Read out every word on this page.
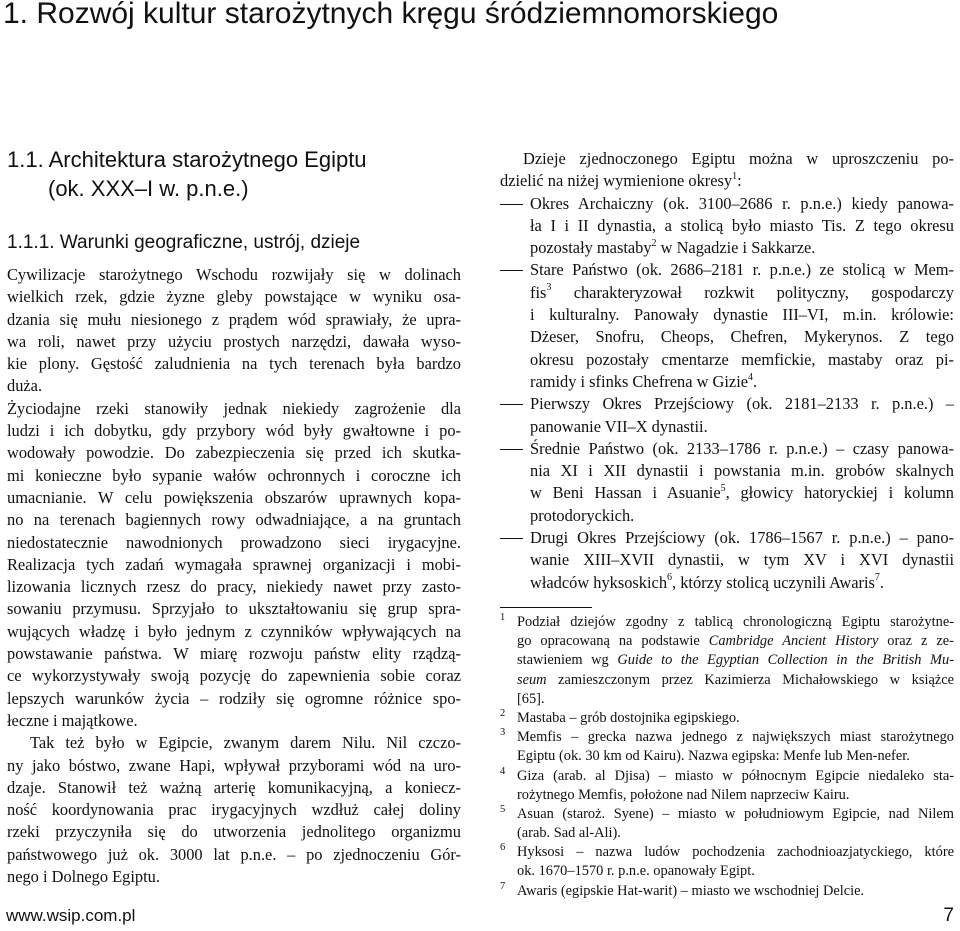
1. Rozwój kultur starożytnych kręgu śródziemnomorskiego
1.1. Architektura starożytnego Egiptu
(ok. XXX–I w. p.n.e.)
1.1.1. Warunki geograficzne, ustrój, dzieje
Cywilizacje starożytnego Wschodu rozwijały się w dolinach
wielkich rzek, gdzie żyzne gleby powstające w wyniku osa-
dzania się mułu niesionego z prądem wód sprawiały, że upra-
wa roli, nawet przy użyciu prostych narzędzi, dawała wyso-
kie plony. Gęstość zaludnienia na tych terenach była bardzo
duża.
Życiodajne rzeki stanowiły jednak niekiedy zagrożenie dla
ludzi i ich dobytku, gdy przybory wód były gwałtowne i po-
wodowały powodzie. Do zabezpieczenia się przed ich skutka-
mi konieczne było sypanie wałów ochronnych i coroczne ich
umacnianie. W celu powiększenia obszarów uprawnych kopa-
no na terenach bagiennych rowy odwadniające, a na gruntach
niedostatecznie nawodnionych prowadzono sieci irygacyjne.
Realizacja tych zadań wymagała sprawnej organizacji i mobi-
lizowania licznych rzesz do pracy, niekiedy nawet przy zasto-
sowaniu przymusu. Sprzyjało to ukształtowaniu się grup spra-
wujących władzę i było jednym z czynników wpływających na
powstawanie państwa. W miarę rozwoju państw elity rządzą-
ce wykorzystywały swoją pozycję do zapewnienia sobie coraz
lepszych warunków życia – rodziły się ogromne różnice spo-
łeczne i majątkowe.
Tak też było w Egipcie, zwanym darem Nilu. Nil czczo-
ny jako bóstwo, zwane Hapi, wpływał przyborami wód na uro-
dzaje. Stanowił też ważną arterię komunikacyjną, a koniecz-
ność koordynowania prac irygacyjnych wzdłuż całej doliny
rzeki przyczyniła się do utworzenia jednolitego organizmu
państwowego już ok. 3000 lat p.n.e. – po zjednoczeniu Gór-
nego i Dolnego Egiptu.
Dzieje zjednoczonego Egiptu można w uproszczeniu po-
dzielić na niżej wymienione okresy$^1$:
Okres Archaiczny (ok. 3100–2686 r. p.n.e.) kiedy panowa-
ła I i II dynastia, a stolicą było miasto Tis. Z tego okresu
pozostały mastaby$^2$ w Nagadzie i Sakkarze.
Stare Państwo (ok. 2686–2181 r. p.n.e.) ze stolicą w Mem-
fis$^3$ charakteryzował rozkwit polityczny, gospodarczy
i kulturalny. Panowały dynastie III–VI, m.in. królowie:
Dżeser, Snofru, Cheops, Chefren, Mykerynos. Z tego
okresu pozostały cmentarze memfickie, mastaby oraz pi-
ramidy i sfinks Chefrena w Gizie$^4$.
Pierwszy Okres Przejściowy (ok. 2181–2133 r. p.n.e.) –
panowanie VII–X dynastii.
Średnie Państwo (ok. 2133–1786 r. p.n.e.) – czasy panowa-
nia XI i XII dynastii i powstania m.in. grobów skalnych
w Beni Hassan i Asuanie$^5$, głowicy hatoryckiej i kolumn
protodoryckich.
Drugi Okres Przejściowy (ok. 1786–1567 r. p.n.e.) – pano-
wanie XIII–XVII dynastii, w tym XV i XVI dynastii
władców hyksoskich$^6$, którzy stolicą uczynili Awaris$^7$.
1 Podział dziejów zgodny z tablicą chronologiczną Egiptu starożytne-
go opracowaną na podstawie Cambridge Ancient History oraz z ze-
stawieniem wg Guide to the Egyptian Collection in the British Mu-
seum zamieszczonym przez Kazimierza Michałowskiego w książce
[65].
2 Mastaba – grób dostojnika egipskiego.
3 Memfis – grecka nazwa jednego z największych miast starożytnego
Egiptu (ok. 30 km od Kairu). Nazwa egipska: Menfe lub Men-nefer.
4 Giza (arab. al Djisa) – miasto w północnym Egipcie niedaleko sta-
rożytnego Memfis, położone nad Nilem naprzeciw Kairu.
5 Asuan (staroż. Syene) – miasto w południowym Egipcie, nad Nilem
(arab. Sad al-Ali).
6 Hyksosi – nazwa ludów pochodzenia zachodnioazjatyckiego, które
ok. 1670–1570 r. p.n.e. opanowały Egipt.
7 Awaris (egipskie Hat-warit) – miasto we wschodniej Delcie.
www.wsip.com.pl	7
